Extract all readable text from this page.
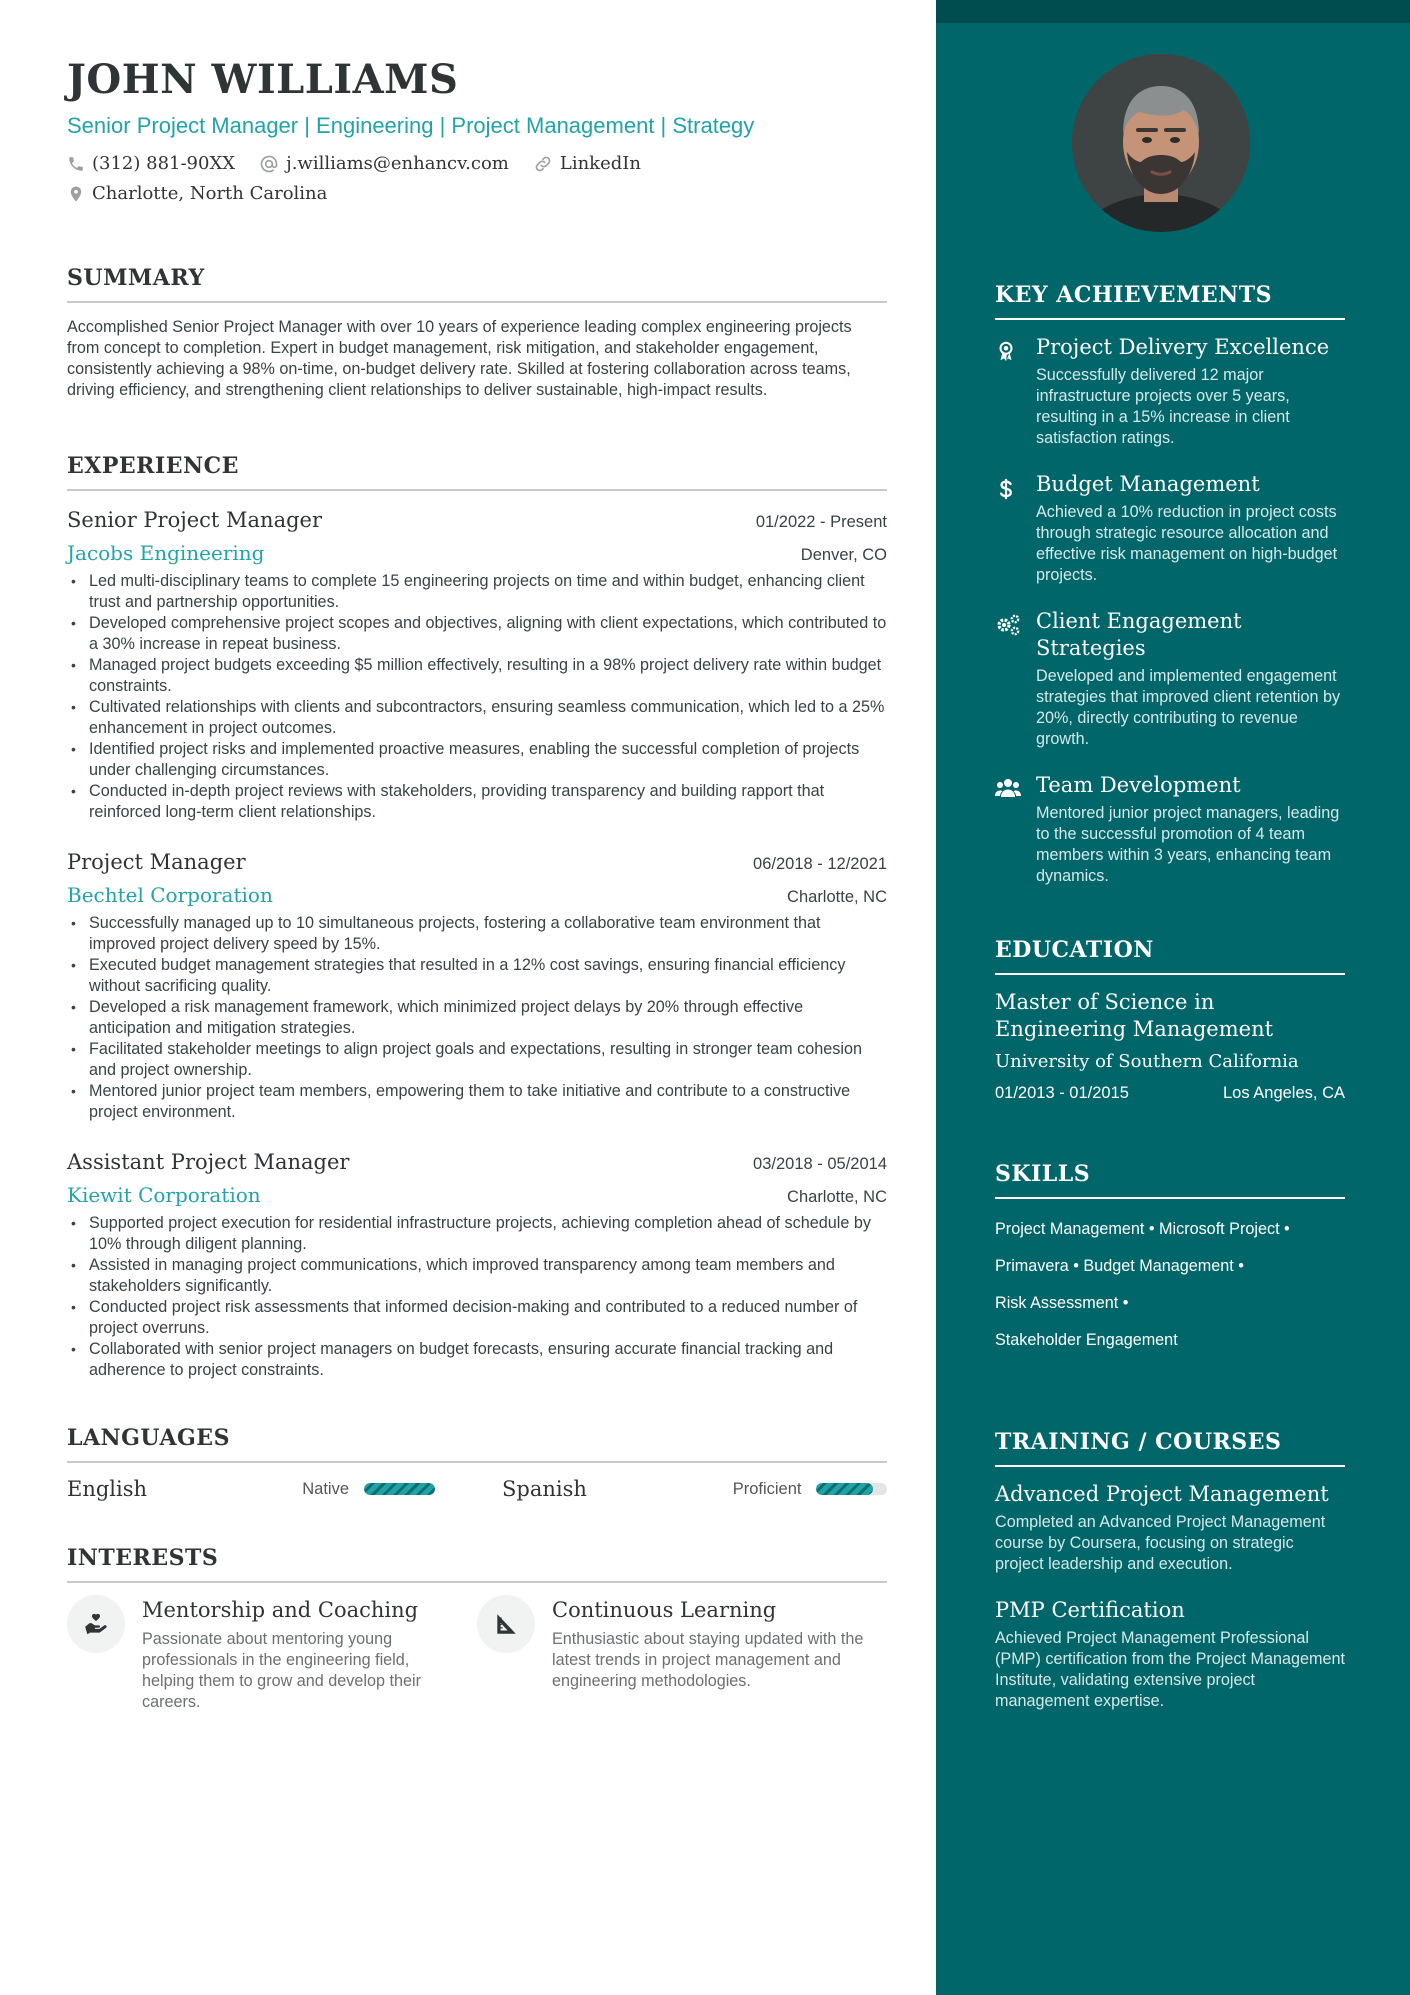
JOHN WILLIAMS
Senior Project Manager | Engineering | Project Management | Strategy
(312) 881-90XX	j.williams@enhancv.com	LinkedIn
Charlotte, North Carolina
SUMMARY

Accomplished Senior Project Manager with over 10 years of experience leading complex engineering projects from concept to completion. Expert in budget management, risk mitigation, and stakeholder engagement, consistently achieving a 98% on-time, on-budget delivery rate. Skilled at fostering collaboration across teams, driving efficiency, and strengthening client relationships to deliver sustainable, high-impact results.

EXPERIENCE
Senior Project Manager	01/2022 - Present
Jacobs Engineering	Denver, CO
• Led multi-disciplinary teams to complete 15 engineering projects on time and within budget, enhancing client trust and partnership opportunities.
• Developed comprehensive project scopes and objectives, aligning with client expectations, which contributed to a 30% increase in repeat business.
• Managed project budgets exceeding $5 million effectively, resulting in a 98% project delivery rate within budget constraints.
• Cultivated relationships with clients and subcontractors, ensuring seamless communication, which led to a 25% enhancement in project outcomes.
• Identified project risks and implemented proactive measures, enabling the successful completion of projects under challenging circumstances.
• Conducted in-depth project reviews with stakeholders, providing transparency and building rapport that reinforced long-term client relationships.
Project Manager	06/2018 - 12/2021
Bechtel Corporation	Charlotte, NC
• Successfully managed up to 10 simultaneous projects, fostering a collaborative team environment that improved project delivery speed by 15%.
• Executed budget management strategies that resulted in a 12% cost savings, ensuring financial efficiency without sacrificing quality.
• Developed a risk management framework, which minimized project delays by 20% through effective anticipation and mitigation strategies.
• Facilitated stakeholder meetings to align project goals and expectations, resulting in stronger team cohesion and project ownership.
• Mentored junior project team members, empowering them to take initiative and contribute to a constructive project environment.
Assistant Project Manager	03/2018 - 05/2014
Kiewit Corporation	Charlotte, NC
• Supported project execution for residential infrastructure projects, achieving completion ahead of schedule by 10% through diligent planning.
• Assisted in managing project communications, which improved transparency among team members and stakeholders significantly.
• Conducted project risk assessments that informed decision-making and contributed to a reduced number of project overruns.
• Collaborated with senior project managers on budget forecasts, ensuring accurate financial tracking and adherence to project constraints.
LANGUAGES
English	Native	Spanish	Proficient
INTERESTS
Mentorship and Coaching
Passionate about mentoring young professionals in the engineering field, helping them to grow and develop their careers.
Continuous Learning
Enthusiastic about staying updated with the latest trends in project management and engineering methodologies.
KEY ACHIEVEMENTS
Project Delivery Excellence
Successfully delivered 12 major infrastructure projects over 5 years, resulting in a 15% increase in client satisfaction ratings.
Budget Management
Achieved a 10% reduction in project costs through strategic resource allocation and effective risk management on high-budget projects.
Client Engagement Strategies
Developed and implemented engagement strategies that improved client retention by 20%, directly contributing to revenue growth.
Team Development
Mentored junior project managers, leading to the successful promotion of 4 team members within 3 years, enhancing team dynamics.
EDUCATION
Master of Science in Engineering Management
University of Southern California
01/2013 - 01/2015	Los Angeles, CA
SKILLS
Project Management • Microsoft Project •
Primavera • Budget Management •
Risk Assessment •
Stakeholder Engagement
TRAINING / COURSES
Advanced Project Management
Completed an Advanced Project Management course by Coursera, focusing on strategic project leadership and execution.
PMP Certification
Achieved Project Management Professional (PMP) certification from the Project Management Institute, validating extensive project management expertise.
